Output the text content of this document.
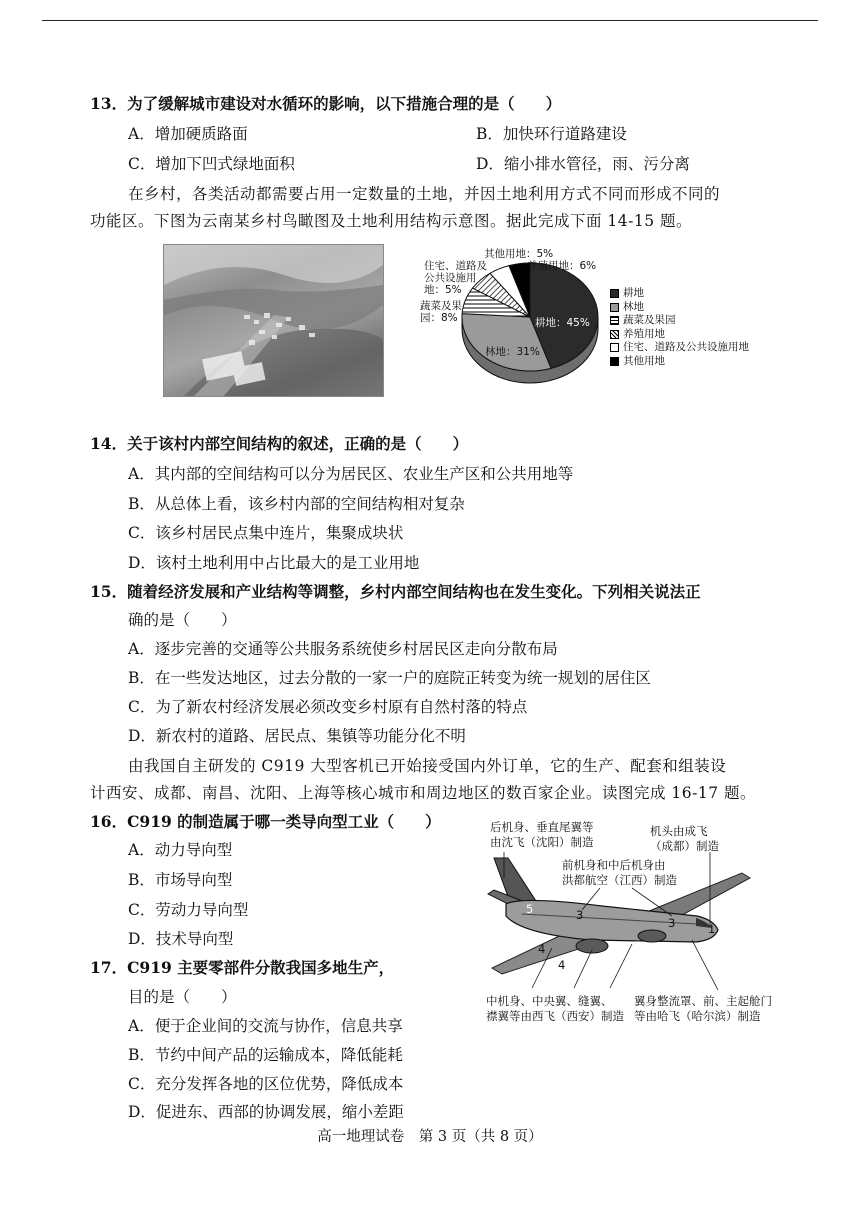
13．为了缓解城市建设对水循环的影响，以下措施合理的是（　　）
A．增加硬质路面	B．加快环行道路建设
C．增加下凹式绿地面积	D．缩小排水管径，雨、污分离
在乡村，各类活动都需要占用一定数量的土地，并因土地利用方式不同而形成不同的
功能区。下图为云南某乡村鸟瞰图及土地利用结构示意图。据此完成下面 14-15 题。
其他用地：5%
养殖用地：6%
住宅、道路及公共设施用地：5%
蔬菜及果园：8%	耕地：45%
林地：31%
耕地
林地
蔬菜及果园
养殖用地
住宅、道路及公共设施用地
其他用地
14．关于该村内部空间结构的叙述，正确的是（　　）
A．其内部的空间结构可以分为居民区、农业生产区和公共用地等
B．从总体上看，该乡村内部的空间结构相对复杂
C．该乡村居民点集中连片，集聚成块状
D．该村土地利用中占比最大的是工业用地
15．随着经济发展和产业结构等调整，乡村内部空间结构也在发生变化。下列相关说法正
确的是（　　）
A．逐步完善的交通等公共服务系统使乡村居民区走向分散布局
B．在一些发达地区，过去分散的一家一户的庭院正转变为统一规划的居住区
C．为了新农村经济发展必须改变乡村原有自然村落的特点
D．新农村的道路、居民点、集镇等功能分化不明
由我国自主研发的 C919 大型客机已开始接受国内外订单，它的生产、配套和组装设
计西安、成都、南昌、沈阳、上海等核心城市和周边地区的数百家企业。读图完成 16-17 题。
16．C919 的制造属于哪一类导向型工业（　　）
A．动力导向型
B．市场导向型
C．劳动力导向型
D．技术导向型
17．C919 主要零部件分散我国多地生产，
目的是（　　）
A．便于企业间的交流与协作，信息共享
B．节约中间产品的运输成本，降低能耗
C．充分发挥各地的区位优势，降低成本
D．促进东、西部的协调发展，缩小差距
后机身、垂直尾翼等
由沈飞（沈阳）制造
机头由成飞
（成都）制造
前机身和中后机身由
洪都航空（江西）制造
中机身、中央翼、缝翼、
襟翼等由西飞（西安）制造
翼身整流罩、前、主起舱门
等由哈飞（哈尔滨）制造
5	3
3	1
4
4
高一地理试卷　第 3 页（共 8 页）
